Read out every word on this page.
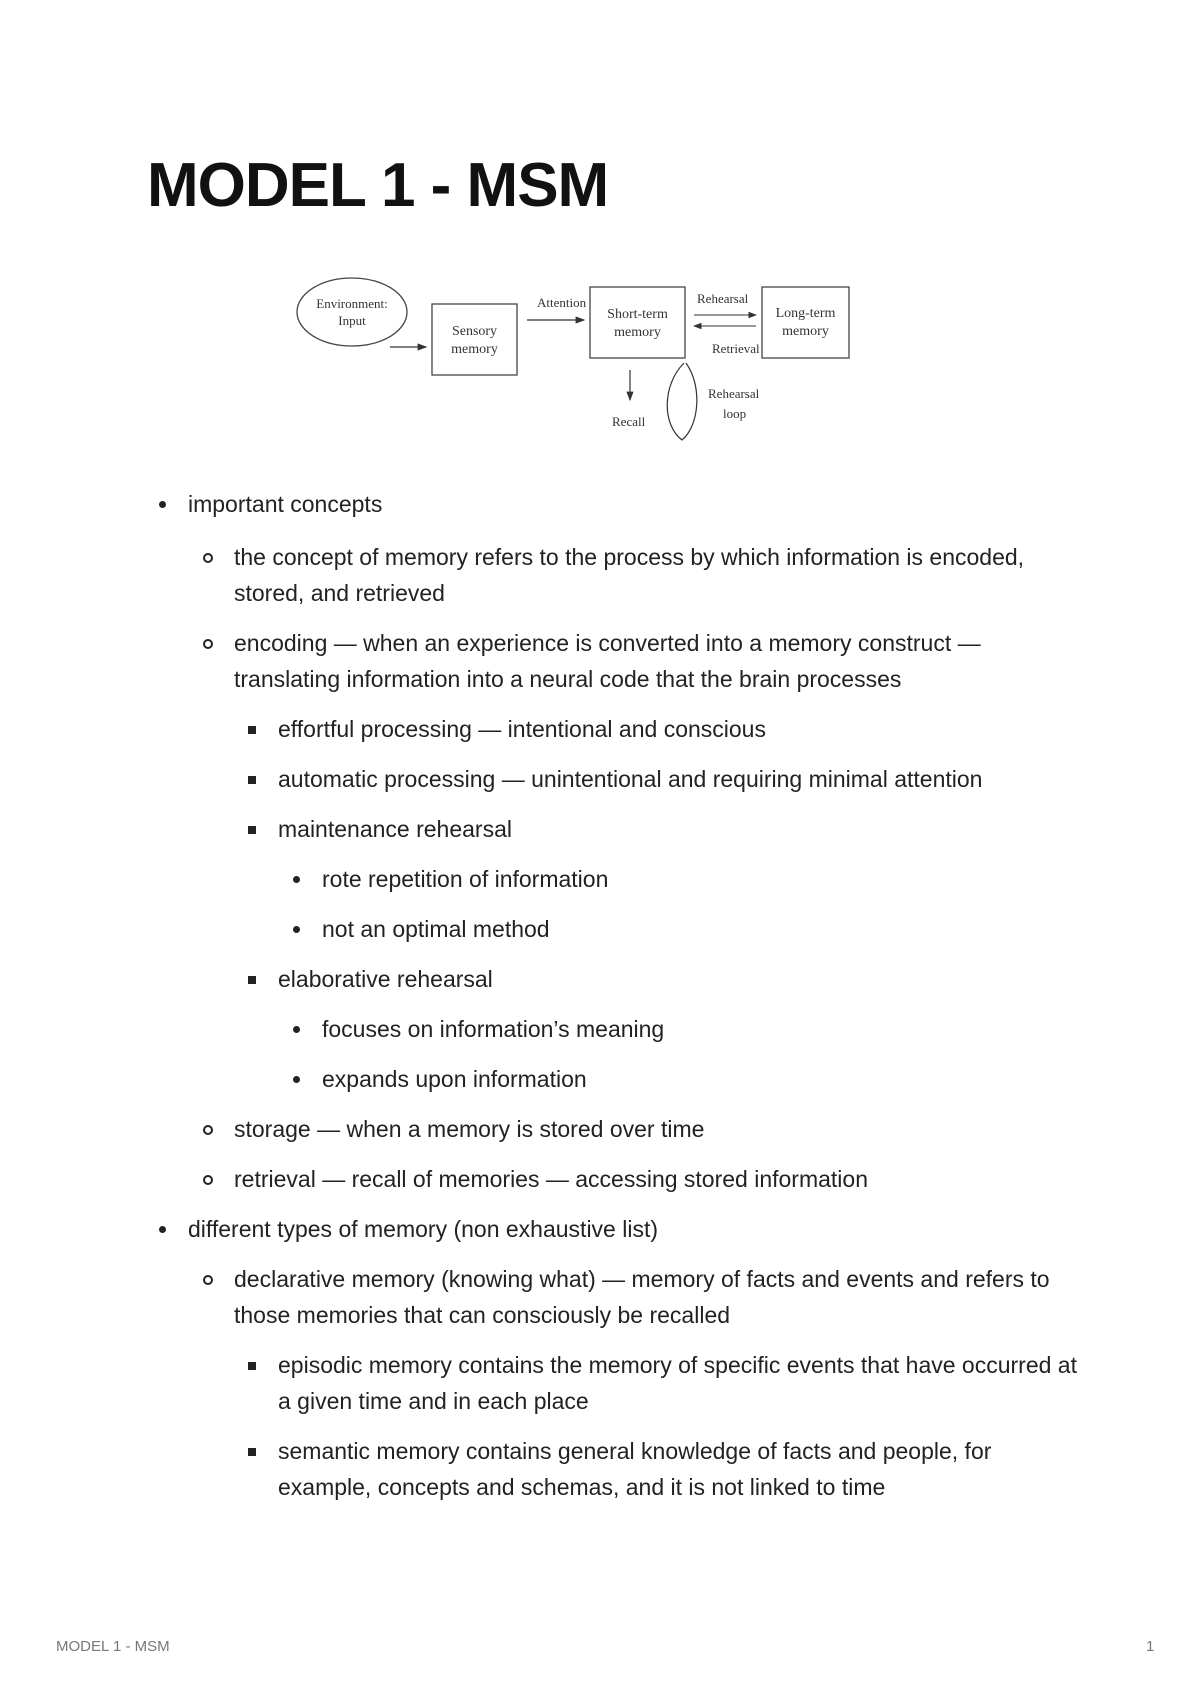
MODEL 1 - MSM
Environment:
Input
Sensory
memory
Attention
Short-term
memory
Rehearsal
Retrieval
Long-term
memory
Recall
Rehearsal
loop
important concepts
the concept of memory refers to the process by which information is encoded, stored, and retrieved
encoding — when an experience is converted into a memory construct — translating information into a neural code that the brain processes
effortful processing — intentional and conscious
automatic processing — unintentional and requiring minimal attention
maintenance rehearsal
rote repetition of information
not an optimal method
elaborative rehearsal
focuses on information’s meaning
expands upon information
storage — when a memory is stored over time
retrieval — recall of memories — accessing stored information
different types of memory (non exhaustive list)
declarative memory (knowing what) — memory of facts and events and refers to those memories that can consciously be recalled
episodic memory contains the memory of specific events that have occurred at a given time and in each place
semantic memory contains general knowledge of facts and people, for example, concepts and schemas, and it is not linked to time
MODEL 1 - MSM	1
